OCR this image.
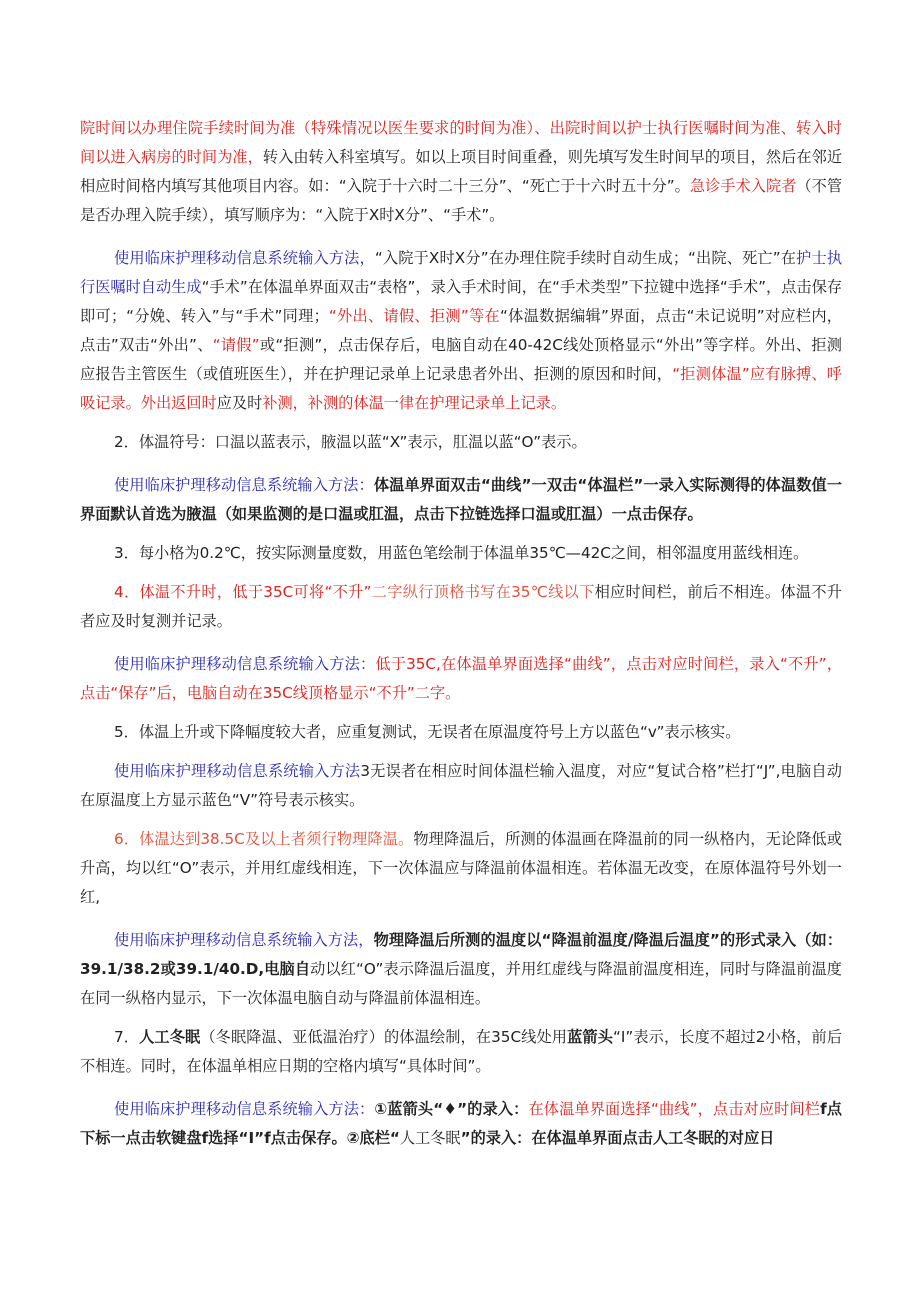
院时间以办理住院手续时间为准（特殊情况以医生要求的时间为准）、出院时间以护士执行医嘱时间为准、转入时间以进入病房的时间为准，转入由转入科室填写。如以上项目时间重叠，则先填写发生时间早的项目，然后在邻近相应时间格内填写其他项目内容。如：“入院于十六时二十三分”、“死亡于十六时五十分”。急诊手术入院者（不管是否办理入院手续），填写顺序为：“入院于X时X分”、“手术”。

使用临床护理移动信息系统输入方法，“入院于X时X分”在办理住院手续时自动生成；“出院、死亡”在护士执行医嘱时自动生成“手术”在体温单界面双击“表格”，录入手术时间，在“手术类型”下拉键中选择“手术”，点击保存即可；“分娩、转入”与“手术”同理；“外出、请假、拒测”等在“体温数据编辑”界面，点击“未记说明”对应栏内，点击”双击“外出”、“请假”或“拒测”，点击保存后，电脑自动在40-42C线处顶格显示“外出”等字样。外出、拒测应报告主管医生（或值班医生），并在护理记录单上记录患者外出、拒测的原因和时间，“拒测体温”应有脉搏、呼吸记录。外出返回时应及时补测，补测的体温一律在护理记录单上记录。

2．体温符号：口温以蓝表示，腋温以蓝“X”表示，肛温以蓝“O”表示。

使用临床护理移动信息系统输入方法：体温单界面双击“曲线”一双击“体温栏”一录入实际测得的体温数值一界面默认首选为腋温（如果监测的是口温或肛温，点击下拉链选择口温或肛温）一点击保存。

3．每小格为0.2℃，按实际测量度数，用蓝色笔绘制于体温单35℃—42C之间，相邻温度用蓝线相连。

4．体温不升时，低于35C可将“不升”二字纵行顶格书写在35℃线以下相应时间栏，前后不相连。体温不升者应及时复测并记录。

使用临床护理移动信息系统输入方法：低于35C,在体温单界面选择“曲线”，点击对应时间栏，录入“不升”，点击“保存”后，电脑自动在35C线顶格显示“不升”二字。

5．体温上升或下降幅度较大者，应重复测试，无误者在原温度符号上方以蓝色“v”表示核实。

使用临床护理移动信息系统输入方法3无误者在相应时间体温栏输入温度，对应“复试合格”栏打“J”,电脑自动在原温度上方显示蓝色“V”符号表示核实。

6．体温达到38.5C及以上者须行物理降温。物理降温后，所测的体温画在降温前的同一纵格内，无论降低或升高，均以红“O”表示，并用红虚线相连，下一次体温应与降温前体温相连。若体温无改变，在原体温符号外划一红,

使用临床护理移动信息系统输入方法，物理降温后所测的温度以“降温前温度/降温后温度”的形式录入（如：39.1/38.2或39.1/40.D,电脑自动以红“O”表示降温后温度，并用红虚线与降温前温度相连，同时与降温前温度在同一纵格内显示，下一次体温电脑自动与降温前体温相连。

7．人工冬眠（冬眠降温、亚低温治疗）的体温绘制，在35C线处用蓝箭头“I”表示，长度不超过2小格，前后不相连。同时，在体温单相应日期的空格内填写“具体时间”。

使用临床护理移动信息系统输入方法：①蓝箭头“♦”的录入：在体温单界面选择“曲线”，点击对应时间栏f点下标一点击软键盘f选择“I”f点击保存。②底栏“人工冬眠”的录入：在体温单界面点击人工冬眠的对应日
